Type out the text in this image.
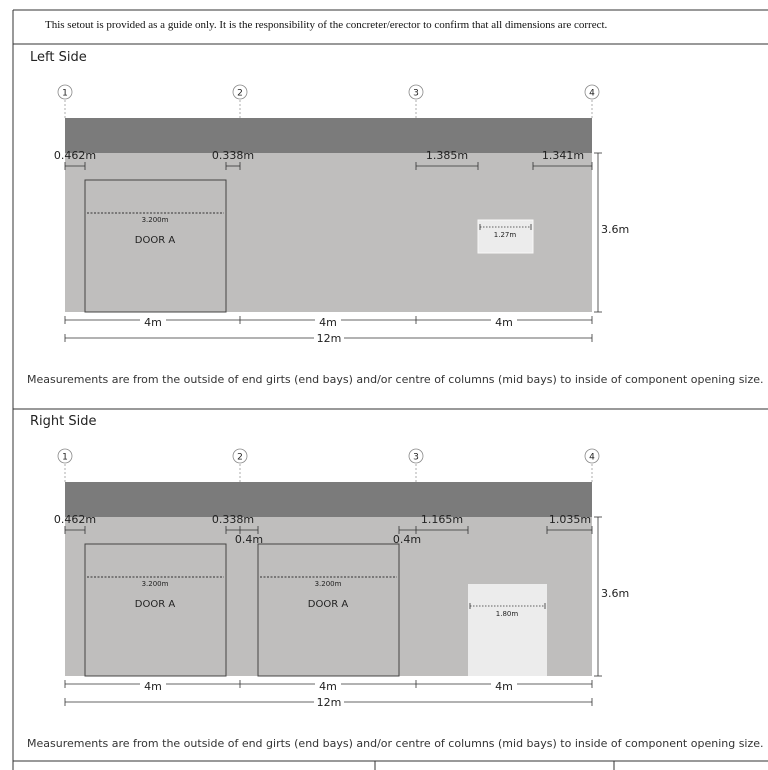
This setout is provided as a guide only. It is the responsibility of the concreter/erector to confirm that all dimensions are correct.
Left Side
1	2	3	4
0.462m	0.338m	1.385m	1.341m
3.200m
DOOR A	1.27m	3.6m
4m	4m	4m
12m
Measurements are from the outside of end girts (end bays) and/or centre of columns (mid bays) to inside of component opening size.
Right Side
1	2	3	4
0.462m	0.338m
0.4m	0.4m
1.165m	1.035m
3.200m
DOOR A
3.200m
DOOR A
1.80m
3.6m
4m	4m	4m
12m
Measurements are from the outside of end girts (end bays) and/or centre of columns (mid bays) to inside of component opening size.
